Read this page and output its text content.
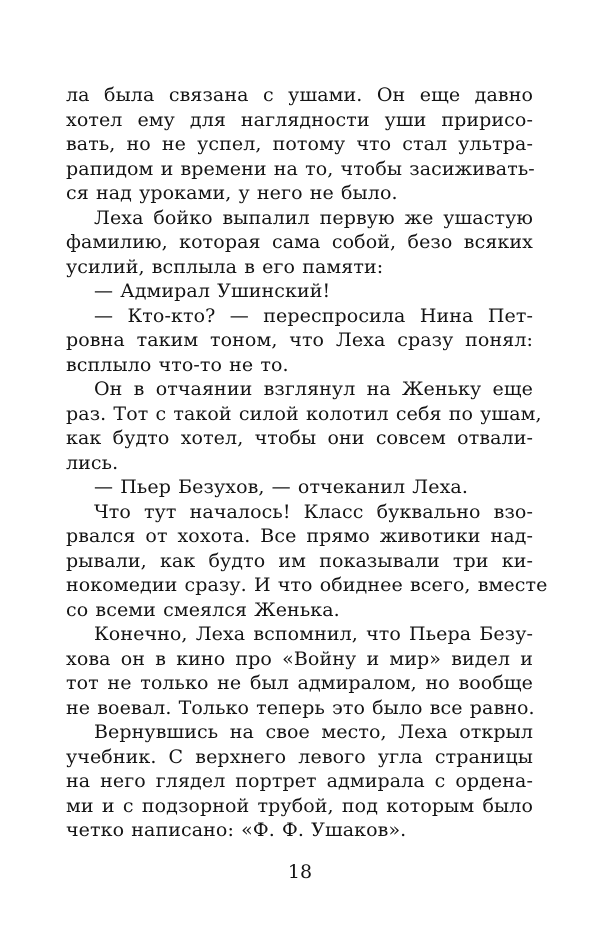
ла была связана с ушами. Он еще давно
хотел ему для наглядности уши пририсо-
вать, но не успел, потому что стал ультра-
рапидом и времени на то, чтобы засиживать-
ся над уроками, у него не было.
Леха бойко выпалил первую же ушастую
фамилию, которая сама собой, безо всяких
усилий, всплыла в его памяти:
— Адмирал Ушинский!
— Кто-кто? — переспросила Нина Пет-
ровна таким тоном, что Леха сразу понял:
всплыло что-то не то.
Он в отчаянии взглянул на Женьку еще
раз. Тот с такой силой колотил себя по ушам,
как будто хотел, чтобы они совсем отвали-
лись.
— Пьер Безухов, — отчеканил Леха.
Что тут началось! Класс буквально взо-
рвался от хохота. Все прямо животики над-
рывали, как будто им показывали три ки-
нокомедии сразу. И что обиднее всего, вместе
со всеми смеялся Женька.
Конечно, Леха вспомнил, что Пьера Безу-
хова он в кино про «Войну и мир» видел и
тот не только не был адмиралом, но вообще
не воевал. Только теперь это было все равно.
Вернувшись на свое место, Леха открыл
учебник. С верхнего левого угла страницы
на него глядел портрет адмирала с ордена-
ми и с подзорной трубой, под которым было
четко написано: «Ф. Ф. Ушаков».
18
